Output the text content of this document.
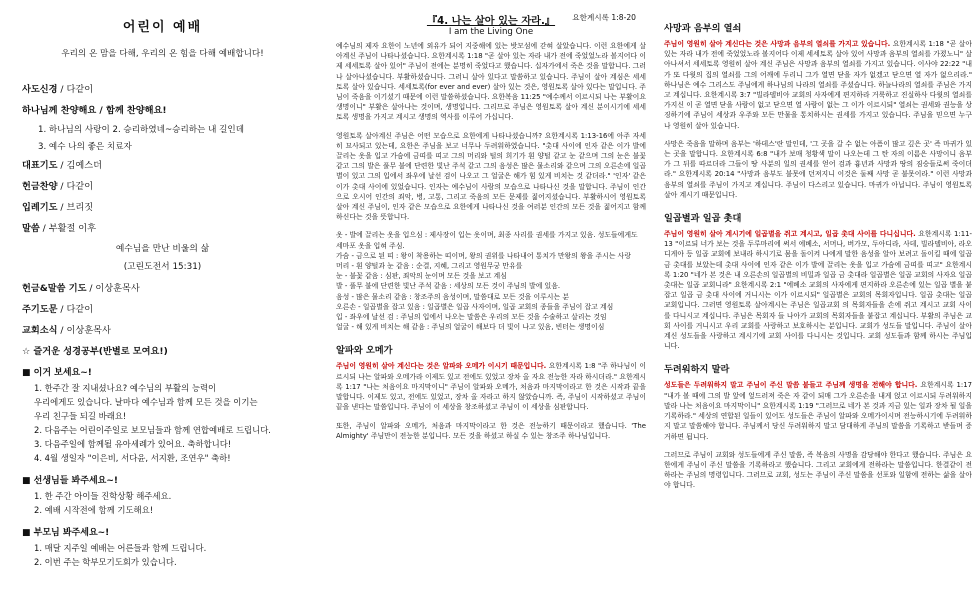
어린이 예배
우리의 온 맘을 다해, 우리의 온 힘을 다해 예배합니다!
사도신경 / 다같이
하나님께 찬양해요 / 함께 찬양해요!
1. 하나님의 사랑이 2. 승리하였네~승리하는 내 길인데
3. 예수 나의 좋은 치료자
대표기도 / 김예스더
헌금찬양 / 다같이
입례기도 / 브리짓
말씀 / 부활절 이후
예수님을 만난 비울의 삶
(고린도전서 15:31)
헌금&말씀 기도 / 이상훈목사
주기도문 / 다같이
교회소식 / 이상훈목사
☆ 즐거운 성경공부(반별로 모여요!)
■ 이거 보세요~!
1. 한주간 잘 지내셨나요? 예수님의 부활의 능력이
우리에게도 있습니다. 날마다 예수님과 함께 모든 것을 이기는
우리 친구들 되길 바래요!
2. 다음주는 어린이주일로 보모님들과 함께 연합예배로 드립니다.
3. 다음주일에 함께될 유아세례가 있어요. 축하합니다!
4. 4월 생일자 "이은비, 서다윤, 서지환, 조연우" 축하!
■ 선생님들 봐주세요~!
1. 한 주간 아이들 진학상황 해주세요.
2. 예배 시작전에 함께 기도해요!
■ 부모님 봐주세요~!
1. 매달 지주일 예배는 어른들과 함께 드립니다.
2. 이번 주는 학부모기도회가 있습니다.
『4. 나는 살아 있는 자라.』	요한계시록 1:8-20
I am the Living One

예수님의 제자 요한이 노년에 외유가 되어 지중해에 있는 밧모섬에 갇혀 살았습니다. 이런 요한에게 살아계신 주님이 나타나셨습니다. 요한계시록 1:18 "곧 살아 있는 자라 내가 전에 죽었었노라 볼지어다 이제 세세토록 살아 있어" 주님이 전에는 분명히 죽었다고 했습니다. 십자가에서 죽은 것을 말합니다. 그러나 살아나셨습니다. 부활하셨습니다. 그러니 살아 있다고 말씀하고 있습니다. 주님이 살아 계심은 세세토록 살아 있습니다. 세세토록(for ever and ever) 살아 있는 것은, 영원토록 살아 있다는 말입니다. 주님이 죽음을 이기셨기 때문에 이런 말씀하셨습니다. 요한복음 11:25 "예수께서 이르시되 나는 부활이요 생명이니" 부활은 살아나는 것이며, 생명입니다. 그리므로 주님은 영원토록 살아 계신 분이시기에 세세토록 생명을 가지고 계시고 생명의 역사를 이루어 가십니다.

영원토록 살아계신 주님은 어떤 모습으로 요한에게 나타나셨습니까? 요한계시록 1:13-16에 아주 자세히 묘사되고 있는데, 요한은 주님을 보고 너무나 두려워하였습니다. "촛대 사이에 인자 같은 이가 발에 끌리는 옷을 입고 가슴에 금띠를 띠고 그의 머리와 털의 희기가 흰 양털 같고 눈 같으며 그의 눈은 불꽃 같고 그의 발은 풀무 불에 단련한 빛난 주석 같고 그의 음성은 많은 물소리와 같으며 그의 오른손에 일곱 별이 있고 그의 입에서 좌우에 날선 검이 나오고 그 얼굴은 해가 힘 있게 비치는 것 같더라." '인자' 같은 이가 촛대 사이에 있었습니다. 인자는 예수님이 사람의 모습으로 나타나신 것을 말합니다. 주님이 인간으로 오시어 인간의 죄악, 병, 고통, 그리고 죽음의 모든 문제를 짊어지셨습니다. 부활하시어 영원토록 살아 계신 주님이, 인자 같은 모습으로 요한에게 나타나신 것을 여러분 인간의 모든 것을 짊어지고 함께 하신다는 것을 뜻합니다.

옷 - 발에 끌리는 옷을 입으심 : 제사장이 입는 옷이며, 최종 사리를 권세를 가지고 있음. 성도들에게도 세마포 옷을 입혀 주심.
가슴 - 금으로 된 띠 : 왕이 착용하는 띠이며, 왕의 권위를 나타내어 통치가 만왕의 왕을 주시는 사랑
머리 - 흰 양털과 눈 같음 : 순결, 지혜, 그리고 영원무궁 만유를
눈 - 불꽃 같음 : 심판, 죄악의 눈이며 모든 것을 보고 계심
발 - 풀무 불에 단련한 빛난 주석 같음 : 세상의 모든 것이 주님의 발에 있음.
음성 - 많은 물소리 같음 : 창조주의 음성이며, 말씀대로 모든 것을 이루시는 분
오른손 - 일곱별을 잡고 있음 : 일곱별은 일곱 사자이며, 일곱 교회의 종들을 주님이 잡고 계심
입 - 좌우에 날선 검 : 주님의 입에서 나오는 말씀은 우리의 모든 것을 수술하고 살리는 것임
얼굴 - 해 있게 비치는 해 같음 : 주님의 얼굴이 해보다 더 빛이 나고 있음, 빈터는 생명이심
알파와 오메가

주님이 영원히 살아 계신다는 것은 알파와 오메가 이시기 때문입니다. 요한계시록 1:8 "주 하나님이 이르시되 나는 알파와 오메가라 이제도 있고 전에도 있었고 장차 올 자요 전능한 자라 하시더라." 요한계시록 1:17 "나는 처음이요 마지막이니" 주님이 알파와 오메가, 처음과 마지막이라고 한 것은 시작과 끝을 말합니다. 이제도 있고, 전에도 있었고, 장차 올 자라고 하지 않았습니까. 즉, 주님이 시작하셨고 주님이 끝을 낸다는 말씀입니다. 주님이 이 세상을 창조하셨고 주님이 이 세상을 심판합니다.

또한, 주님이 알파와 오메가, 처음과 마지막이라고 한 것은 전능하기 때문이라고 했습니다. 'The Almighty' 주님만이 전능한 분입니다. 모든 것을 하셨고 하실 수 있는 창조주 하나님입니다.

사망과 음부의 열쇠

주님이 영원히 살아 계신다는 것은 사망과 음부의 열쇠를 가지고 있습니다. 요한계시록 1:18 "곧 살아 있는 자라 내가 전에 죽었었노라 볼지어다 이제 세세토록 살아 있어 사망과 음부의 열쇠를 가졌노니" 살아나셔서 세세토록 영원히 살아 계신 주님은 사망과 음부의 열쇠를 가지고 있습니다. 이사야 22:22 "내가 또 다윗의 집의 열쇠를 그의 어깨에 두리니 그가 열면 닫을 자가 없겠고 닫으면 열 자가 없으리라." 하나님은 예수 그리스도 주님에게 하나님의 나라의 열쇠를 주셨습니다. 하늘나라의 열쇠를 주님은 가지고 계십니다. 요한계시록 3:7 "빌라델비아 교회의 사자에게 편지하라 거룩하고 진실하사 다윗의 열쇠를 가지신 이 곧 열면 닫을 사람이 없고 닫으면 열 사람이 없는 그 이가 이르시되" 열쇠는 권세와 권능을 상징하기에 주님이 세상과 우주와 모든 만물을 통치하시는 권세를 가지고 있습니다. 주님을 믿으면 누구나 영원히 살아 있습니다.

사망은 죽음을 말하며 음부는 '하데스'란 말인데, '그 곳을 갈 수 없는 아픔이 많고 깊은 곳' 즉 마귀가 있는 곳을 말합니다. 요한계시록 6:8 "내가 보매 청황색 말이 나오는데 그 탄 자의 이름은 사망이니 음부가 그 뒤를 따르더라 그들이 땅 사분의 일의 권세를 얻어 검과 흉년과 사망과 땅의 짐승들로써 죽이더라." 요한계시록 20:14 "사망과 음부도 불못에 던져지니 이것은 둘째 사망 곧 불못이라." 이런 사망과 음부의 열쇠를 주님이 가지고 계십니다. 주님이 다스리고 있습니다. 마귀가 아닙니다. 주님이 영원토록 살아 계시기 때문입니다.

일곱별과 일곱 촛대

주님이 영원히 살아 계시기에 일곱별을 쥐고 계시고, 일곱 촛대 사이를 다니십니다. 요한계시록 1:11-13 "이르되 너가 보는 것을 두루마리에 써서 에베소, 서머나, 버가모, 두아디라, 사데, 빌라델비아, 라오디게아 등 일곱 교회에 보내라 하시기로 몸을 돌이켜 나에게 말한 음성을 알아 보려고 돌이킬 때에 일곱 금 촛대를 보았는데 촛대 사이에 인자 같은 이가 발에 끌리는 옷을 입고 가슴에 금띠를 띠고" 요한계시록 1:20 "네가 본 것은 내 오른손의 일곱별의 비밀과 일곱 금 촛대라 일곱별은 일곱 교회의 사자요 일곱 촛대는 일곱 교회니라" 요한계시록 2:1 "에베소 교회의 사자에게 편지하라 오른손에 있는 일곱 별을 붙잡고 일곱 금 촛대 사이에 거니시는 이가 이르시되" 일곱별은 교회의 목회자입니다. 일곱 촛대는 일곱 교회입니다. 그러면 영원토록 살아계시는 주님은 일곱교회 의 목회자들을 손에 쥐고 계시고 교회 사이를 다니시고 계십니다. 주님은 목회자 들 나아가 교회의 목회자들을 붙잡고 계십니다. 부활의 주님은 교회 사이를 거니시고 우리 교회를 사랑하고 보호하시는 분입니다. 교회가 성도들 말입니다. 주님이 살아계신 성도들을 사랑하고 계시기에 교회 사이를 다니시는 것입니다. 교회 성도들과 함께 하시는 주님입니다.

두려워하지 말라

성도들은 두려워하지 말고 주님이 주신 말씀 붙들고 주님께 생명을 전해야 합니다. 요한계시록 1:17 "내가 볼 때에 그의 발 앞에 엎드러져 죽은 자 같이 되매 그가 오른손을 내게 얹고 이르시되 두려워하지 말라 나는 처음이요 마지막이니" 요한계시록 1:19 "그러므로 네가 본 것과 지금 있는 일과 장차 될 일을 기록하라." 세상의 연합된 일들이 있어도 성도들은 주님이 알파와 오메가이시며 전능하시기에 두려워하지 말고 말씀해야 합니다. 주님께서 당신 두려워하지 말고 담대하게 주님의 말씀을 기록하고 받들며 증거하면 됩니다.

그러므로 주님이 교회와 성도들에게 주신 말씀, 즉 복음의 사명을 감당해야 한다고 했습니다. 주님은 요한에게 주님이 주신 말씀을 기록하라고 했습니다. 그리고 교회에게 전하라는 말씀입니다. 한결같이 전하라는 주님의 명령입니다. 그러므로 교회, 성도는 주님이 주신 말씀을 선포와 일함에 전하는 삶을 살아야 합니다.
